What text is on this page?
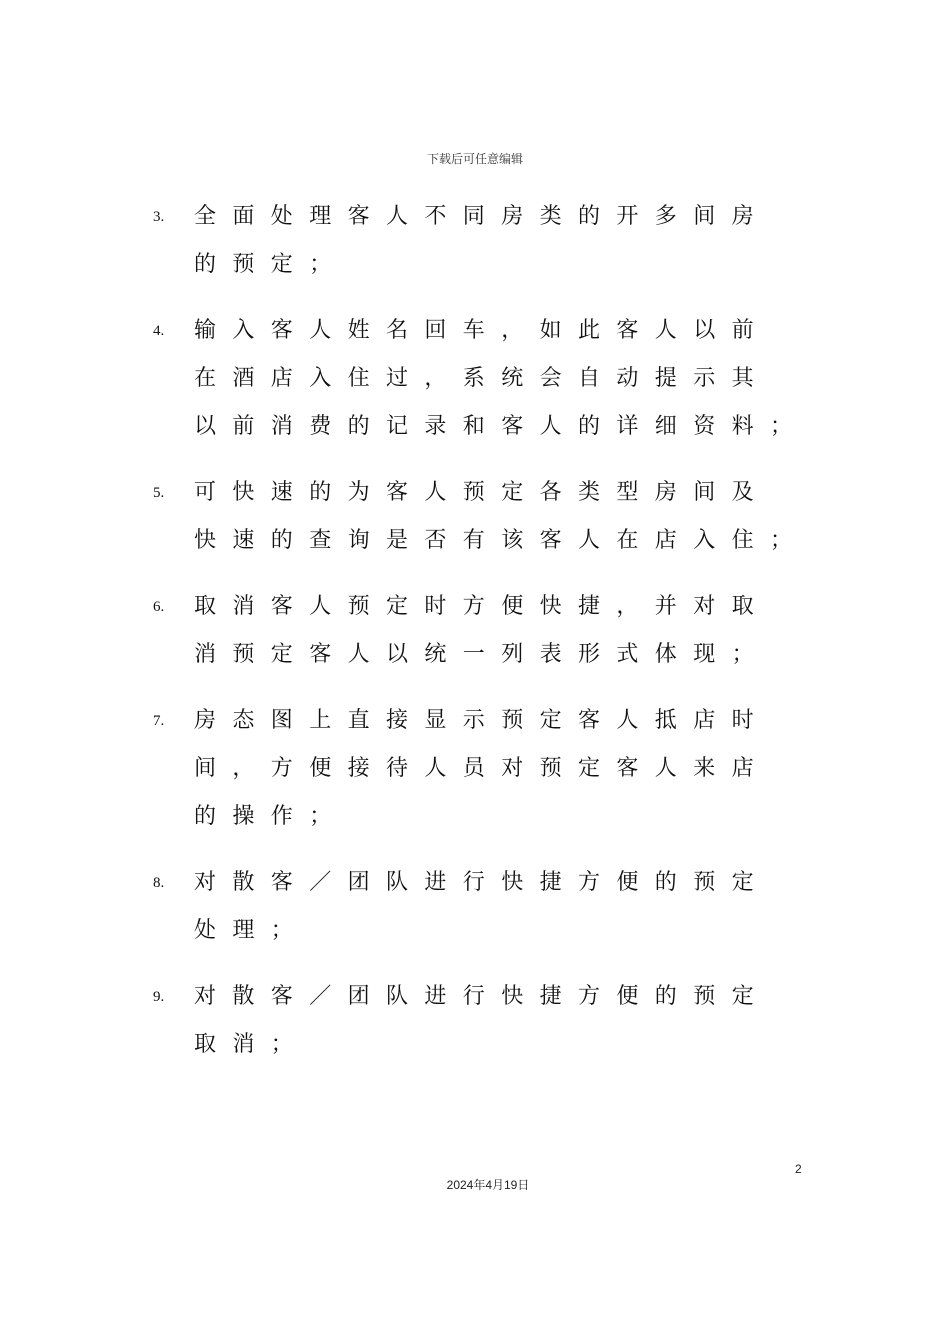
下载后可任意编辑
3. 全面处理客人不同房类的开多间房
的预定；
4. 输入客人姓名回车，如此客人以前
在酒店入住过，系统会自动提示其
以前消费的记录和客人的详细资料；
5. 可快速的为客人预定各类型房间及
快速的查询是否有该客人在店入住；
6. 取消客人预定时方便快捷，并对取
消预定客人以统一列表形式体现；
7. 房态图上直接显示预定客人抵店时
间，方便接待人员对预定客人来店
的操作；
8. 对散客／团队进行快捷方便的预定
处理；
9. 对散客／团队进行快捷方便的预定
取消；
2
2024年4月19日
